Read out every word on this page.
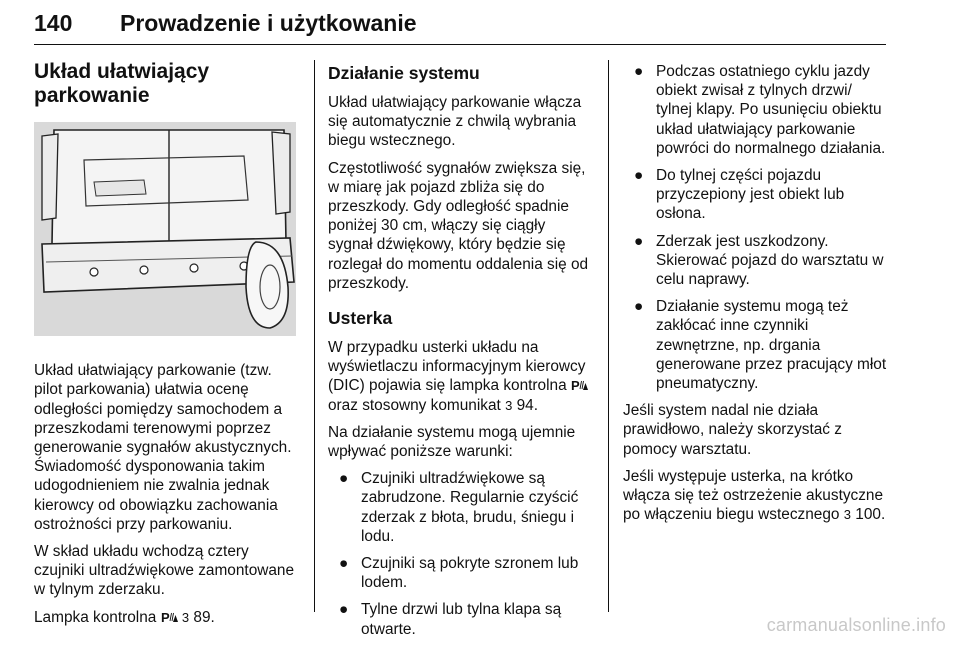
140 Prowadzenie i użytkowanie
Układ ułatwiający
parkowanie

Układ ułatwiający parkowanie (tzw. pilot parkowania) ułatwia ocenę odległości pomiędzy samochodem a przeszkodami terenowymi poprzez generowanie sygnałów akustycznych. Świadomość dysponowania takim udogodnieniem nie zwalnia jednak kierowcy od obowiązku zachowania ostrożności przy parkowaniu.

W skład układu wchodzą cztery czujniki ultradźwiękowe zamontowane w tylnym zderzaku.

Lampka kontrolna P 3 89.

Działanie systemu

Układ ułatwiający parkowanie włącza się automatycznie z chwilą wybrania biegu wstecznego.

Częstotliwość sygnałów zwiększa się, w miarę jak pojazd zbliża się do przeszkody. Gdy odległość spadnie poniżej 30 cm, włączy się ciągły sygnał dźwiękowy, który będzie się rozlegał do momentu oddalenia się od przeszkody.

Usterka

W przypadku usterki układu na wyświetlaczu informacyjnym kierowcy (DIC) pojawia się lampka kontrolna P
oraz stosowny komunikat 3 94.

Na działanie systemu mogą ujemnie wpływać poniższe warunki:

● Czujniki ultradźwiękowe są zabrudzone. Regularnie czyścić zderzak z błota, brudu, śniegu i lodu.
● Czujniki są pokryte szronem lub lodem.
● Tylne drzwi lub tylna klapa są otwarte.
● Podczas ostatniego cyklu jazdy obiekt zwisał z tylnych drzwi/ tylnej klapy. Po usunięciu obiektu układ ułatwiający parkowanie powróci do normalnego działania.
● Do tylnej części pojazdu przyczepiony jest obiekt lub osłona.
● Zderzak jest uszkodzony. Skierować pojazd do warsztatu w celu naprawy.
● Działanie systemu mogą też zakłócać inne czynniki zewnętrzne, np. drgania generowane przez pracujący młot pneumatyczny.

Jeśli system nadal nie działa prawidłowo, należy skorzystać z pomocy warsztatu.

Jeśli występuje usterka, na krótko włącza się też ostrzeżenie akustyczne po włączeniu biegu wstecznego 3 100.

carmanualsonline.info
